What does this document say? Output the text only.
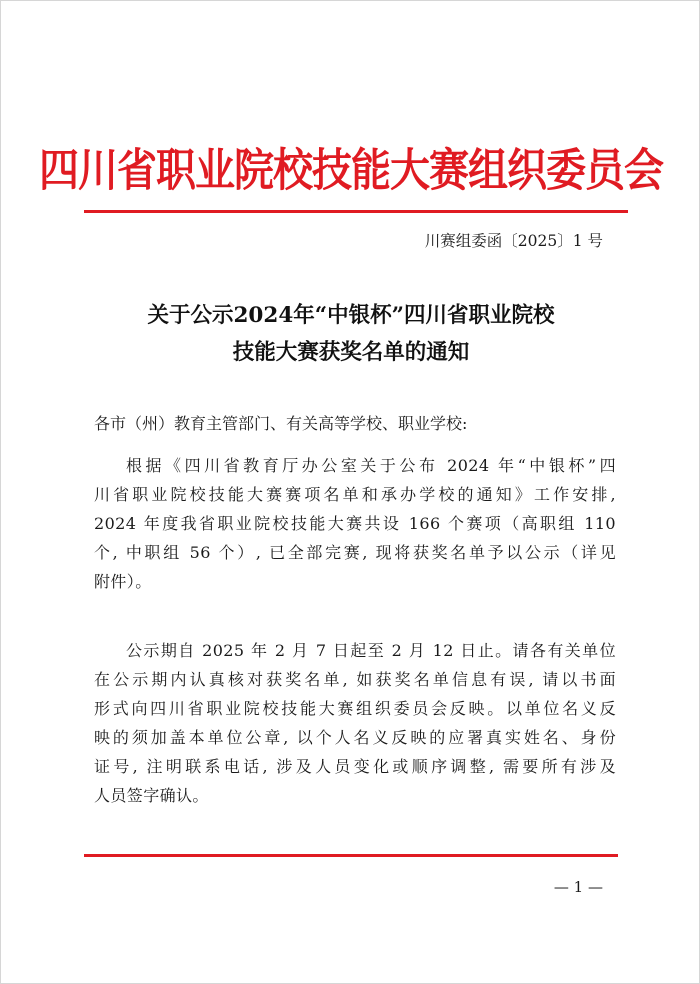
四川省职业院校技能大赛组织委员会
川赛组委函〔2025〕1 号
关于公示2024年“中银杯”四川省职业院校
技能大赛获奖名单的通知
各市（州）教育主管部门、有关高等学校、职业学校:
根据《四川省教育厅办公室关于公布 2024 年“中银杯”四
川省职业院校技能大赛赛项名单和承办学校的通知》工作安排,
2024 年度我省职业院校技能大赛共设 166 个赛项（高职组 110
个, 中职组 56 个）, 已全部完赛, 现将获奖名单予以公示（详见
附件）。
公示期自 2025 年 2 月 7 日起至 2 月 12 日止。请各有关单位
在公示期内认真核对获奖名单, 如获奖名单信息有误, 请以书面
形式向四川省职业院校技能大赛组织委员会反映。以单位名义反
映的须加盖本单位公章, 以个人名义反映的应署真实姓名、身份
证号, 注明联系电话, 涉及人员变化或顺序调整, 需要所有涉及
人员签字确认。
— 1 —
